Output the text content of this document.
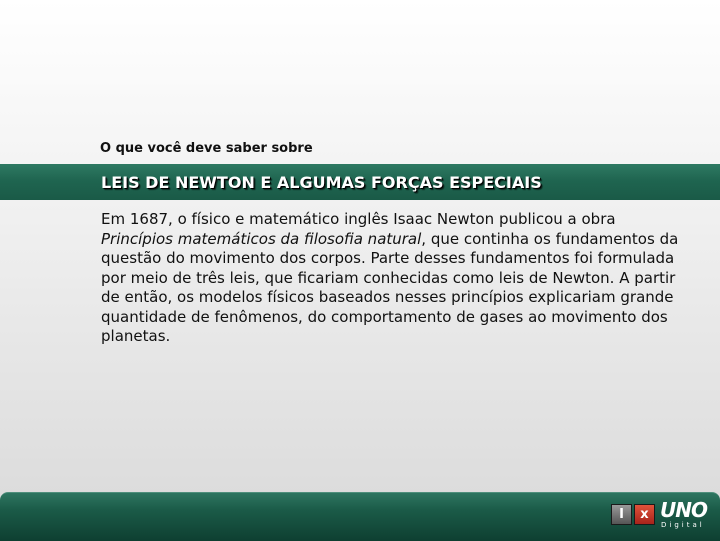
O que você deve saber sobre
LEIS DE NEWTON E ALGUMAS FORÇAS ESPECIAIS
Em 1687, o físico e matemático inglês Isaac Newton publicou a obra Princípios matemáticos da filosofia natural, que continha os fundamentos da questão do movimento dos corpos. Parte desses fundamentos foi formulada por meio de três leis, que ficariam conhecidas como leis de Newton. A partir de então, os modelos físicos baseados nesses princípios explicariam grande quantidade de fenômenos, do comportamento de gases ao movimento dos planetas.
I	x UNO
Digital
